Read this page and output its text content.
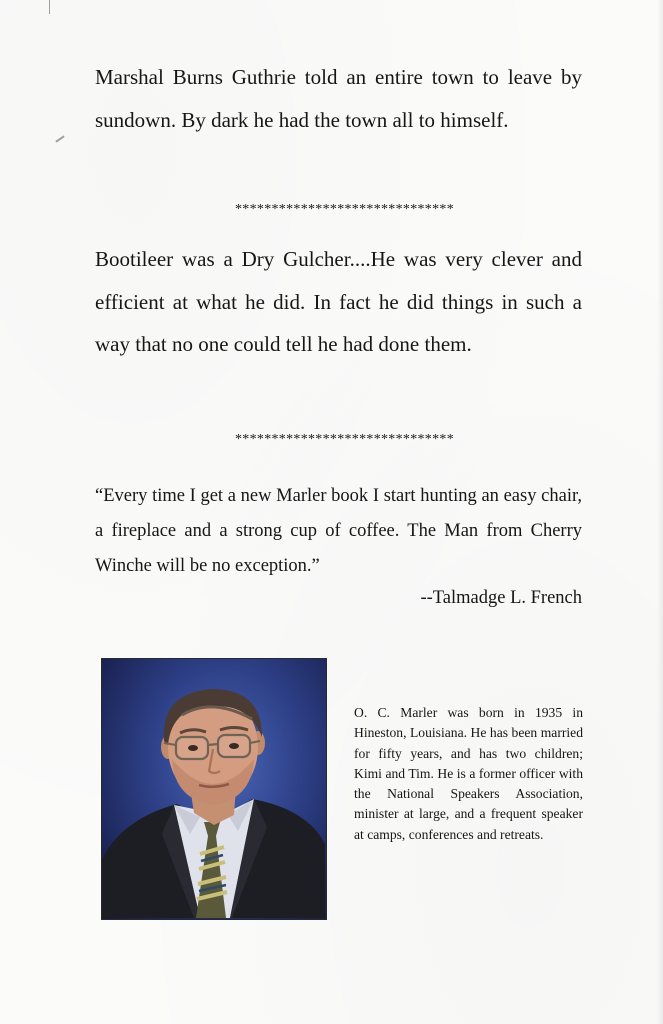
Marshal Burns Guthrie told an entire town to leave by sundown. By dark he had the town all to himself.

******************************

Bootileer was a Dry Gulcher....He was very clever and efficient at what he did. In fact he did things in such a way that no one could tell he had done them.

******************************

“Every time I get a new Marler book I start hunting an easy chair, a fireplace and a strong cup of coffee. The Man from Cherry Winche will be no exception.”

--Talmadge L. French

O. C. Marler was born in 1935 in Hineston, Louisiana. He has been married for fifty years, and has two children; Kimi and Tim. He is a former officer with the National Speakers Association, minister at large, and a frequent speaker at camps, conferences and retreats.
